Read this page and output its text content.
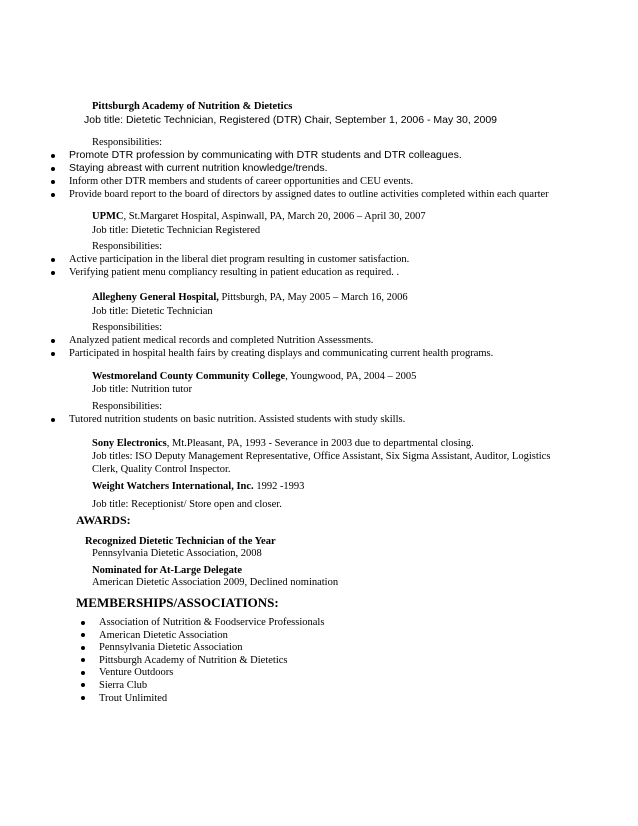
Pittsburgh Academy of Nutrition & Dietetics
Job title: Dietetic Technician, Registered (DTR) Chair, September 1, 2006 - May 30, 2009
Responsibilities:
Promote DTR profession by communicating with DTR students and DTR colleagues.
Staying abreast with current nutrition knowledge/trends.
Inform other DTR members and students of career opportunities and CEU events.
Provide board report to the board of directors by assigned dates to outline activities completed within each quarter
UPMC, St.Margaret Hospital, Aspinwall, PA, March 20, 2006 – April 30, 2007
Job title: Dietetic Technician Registered
Responsibilities:
Active participation in the liberal diet program resulting in customer satisfaction.
Verifying patient menu compliancy resulting in patient education as required. .
Allegheny General Hospital, Pittsburgh, PA, May 2005 – March 16, 2006
Job title: Dietetic Technician
Responsibilities:
Analyzed patient medical records and completed Nutrition Assessments.
Participated in hospital health fairs by creating displays and communicating current health programs.
Westmoreland County Community College, Youngwood, PA, 2004 – 2005
Job title: Nutrition tutor
Responsibilities:
Tutored nutrition students on basic nutrition. Assisted students with study skills.
Sony Electronics, Mt.Pleasant, PA, 1993 - Severance in 2003 due to departmental closing.
Job titles: ISO Deputy Management Representative, Office Assistant, Six Sigma Assistant, Auditor, Logistics
Clerk, Quality Control Inspector.
Weight Watchers International, Inc. 1992 -1993
Job title: Receptionist/ Store open and closer.
AWARDS:
Recognized Dietetic Technician of the Year
Pennsylvania Dietetic Association, 2008
Nominated for At-Large Delegate
American Dietetic Association 2009, Declined nomination
MEMBERSHIPS/ASSOCIATIONS:
Association of Nutrition & Foodservice Professionals
American Dietetic Association
Pennsylvania Dietetic Association
Pittsburgh Academy of Nutrition & Dietetics
Venture Outdoors
Sierra Club
Trout Unlimited
